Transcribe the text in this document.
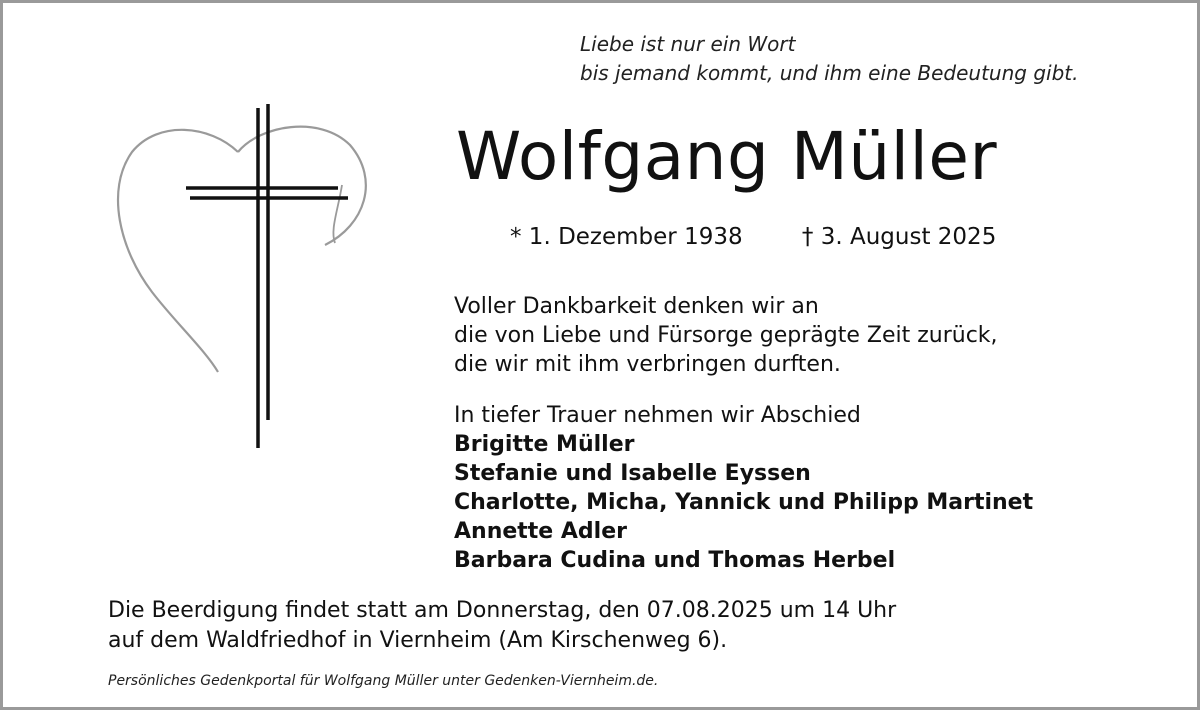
Liebe ist nur ein Wort
bis jemand kommt, und ihm eine Bedeutung gibt.
Wolfgang Müller
* 1. Dezember 1938	† 3. August 2025
Voller Dankbarkeit denken wir an
die von Liebe und Fürsorge geprägte Zeit zurück,
die wir mit ihm verbringen durften.
In tiefer Trauer nehmen wir Abschied
Brigitte Müller
Stefanie und Isabelle Eyssen
Charlotte, Micha, Yannick und Philipp Martinet
Annette Adler
Barbara Cudina und Thomas Herbel
Die Beerdigung findet statt am Donnerstag, den 07.08.2025 um 14 Uhr
auf dem Waldfriedhof in Viernheim (Am Kirschenweg 6).
Persönliches Gedenkportal für Wolfgang Müller unter Gedenken-Viernheim.de.
